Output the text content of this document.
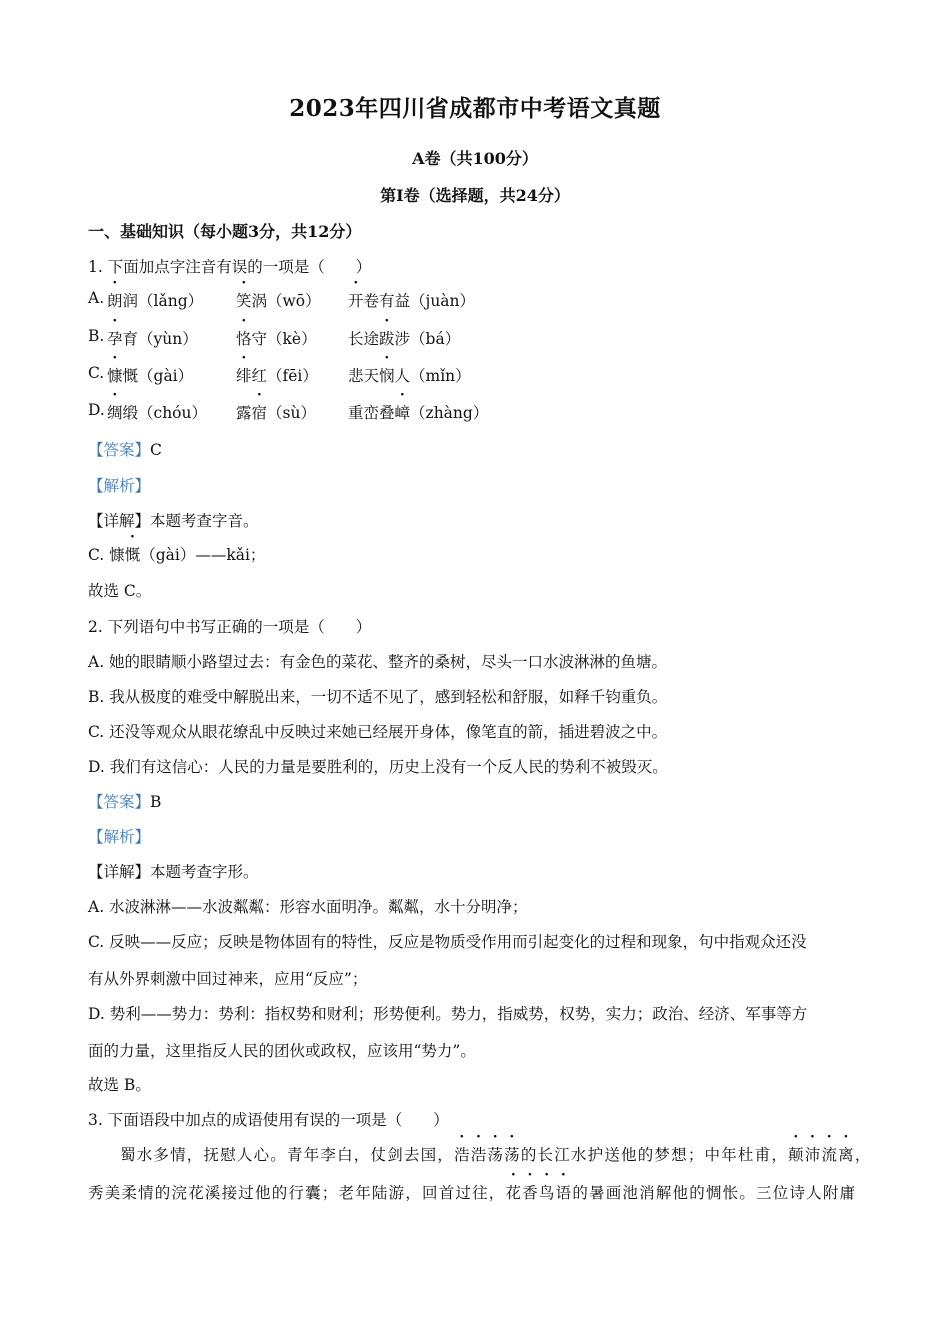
2023年四川省成都市中考语文真题
A卷（共100分）
第Ⅰ卷（选择题，共24分）
一、基础知识（每小题3分，共12分）
1. 下面加点字注音有误的一项是（　　）
A. 朗润（lǎng） 笑涡（wō） 开卷有益（juàn）
B. 孕育（yùn） 恪守（kè） 长途跋涉（bá）
C. 慷慨（gài）	绯红（fēi） 悲天悯人（mǐn）
D. 绸缎（chóu） 露宿（sù） 重峦叠嶂（zhàng）
【答案】C
【解析】
【详解】本题考查字音。
C. 慷慨（gài）——kǎi；
故选 C。
2. 下列语句中书写正确的一项是（　　）
A. 她的眼睛顺小路望过去：有金色的菜花、整齐的桑树，尽头一口水波淋淋的鱼塘。
B. 我从极度的难受中解脱出来，一切不适不见了，感到轻松和舒服，如释千钧重负。
C. 还没等观众从眼花缭乱中反映过来她已经展开身体，像笔直的箭，插进碧波之中。
D. 我们有这信心：人民的力量是要胜利的，历史上没有一个反人民的势利不被毁灭。
【答案】B
【解析】
【详解】本题考查字形。
A. 水波淋淋——水波粼粼：形容水面明净。粼粼，水十分明净；
C. 反映——反应；反映是物体固有的特性，反应是物质受作用而引起变化的过程和现象，句中指观众还没
有从外界刺激中回过神来，应用“反应”；
D. 势利——势力：势利：指权势和财利；形势便利。势力，指威势，权势，实力；政治、经济、军事等方
面的力量，这里指反人民的团伙或政权，应该用“势力”。
故选 B。
3. 下面语段中加点的成语使用有误的一项是（　　）
蜀水多情，抚慰人心。青年李白，仗剑去国，浩浩荡荡的长江水护送他的梦想；中年杜甫，颠沛流离，
秀美柔情的浣花溪接过他的行囊；老年陆游，回首过往，花香鸟语的暑画池消解他的惆怅。三位诗人附庸
